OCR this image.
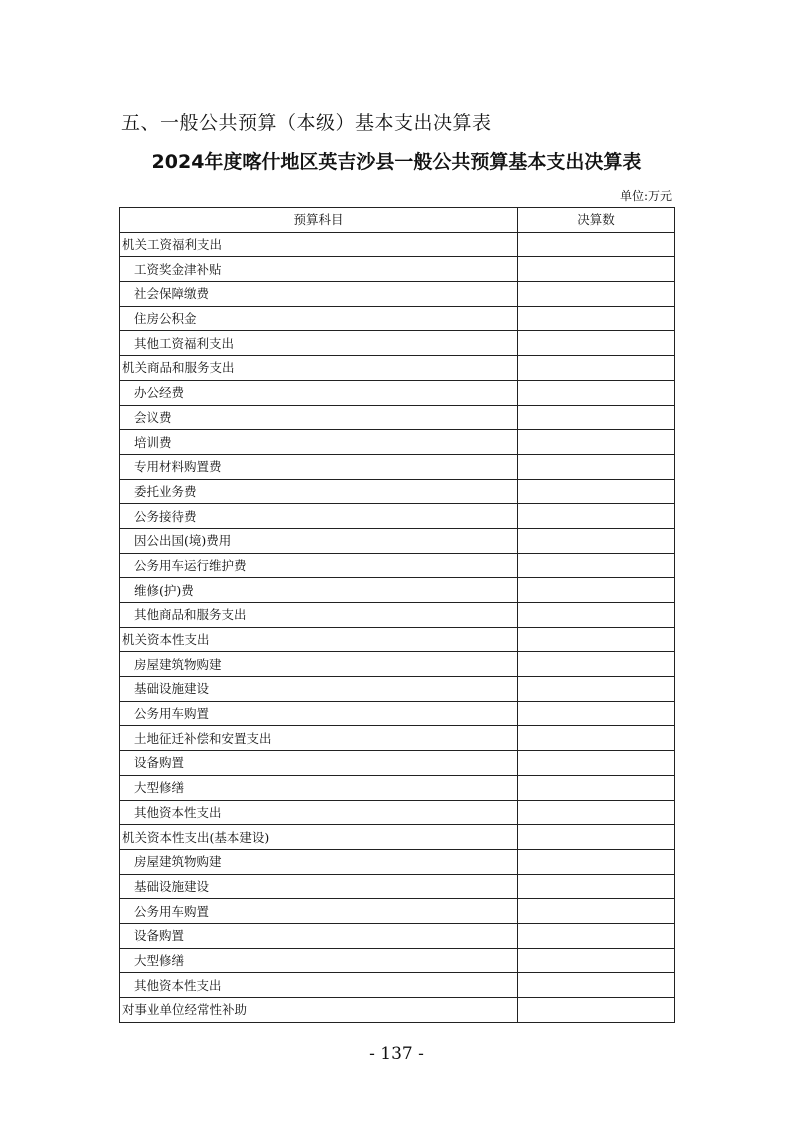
五、一般公共预算（本级）基本支出决算表
2024年度喀什地区英吉沙县一般公共预算基本支出决算表
单位:万元
预算科目	决算数
机关工资福利支出	
工资奖金津补贴	
社会保障缴费	
住房公积金	
其他工资福利支出	
机关商品和服务支出	
办公经费	
会议费	
培训费	
专用材料购置费	
委托业务费	
公务接待费	
因公出国(境)费用	
公务用车运行维护费	
维修(护)费	
其他商品和服务支出	
机关资本性支出	
房屋建筑物购建	
基础设施建设	
公务用车购置	
土地征迁补偿和安置支出	
设备购置	
大型修缮	
其他资本性支出	
机关资本性支出(基本建设)	
房屋建筑物购建	
基础设施建设	
公务用车购置	
设备购置	
大型修缮	
其他资本性支出	
对事业单位经常性补助	
- 137 -
